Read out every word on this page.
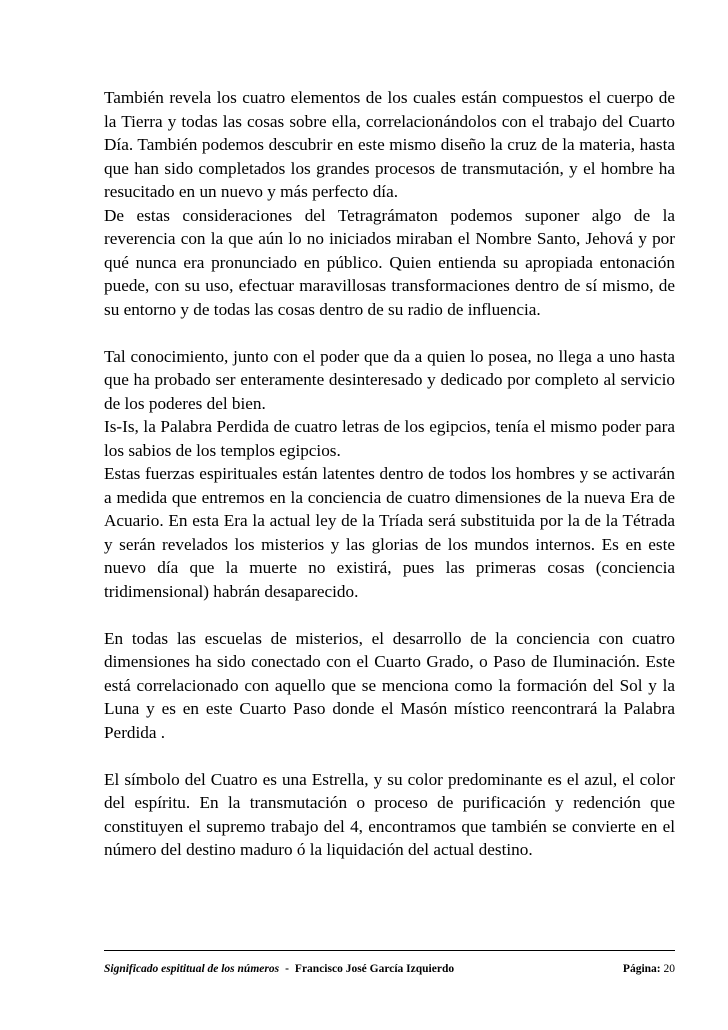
También revela los cuatro elementos de los cuales están compuestos el cuerpo de la Tierra y todas las cosas sobre ella, correlacionándolos con el trabajo del Cuarto Día. También podemos descubrir en este mismo diseño la cruz de la materia, hasta que han sido completados los grandes procesos de transmutación, y el hombre ha resucitado en un nuevo y más perfecto día.

De estas consideraciones del Tetragrámaton podemos suponer algo de la reverencia con la que aún lo no iniciados miraban el Nombre Santo, Jehová y por qué nunca era pronunciado en público. Quien entienda su apropiada entonación puede, con su uso, efectuar maravillosas transformaciones dentro de sí mismo, de su entorno y de todas las cosas dentro de su radio de influencia.

Tal conocimiento, junto con el poder que da a quien lo posea, no llega a uno hasta que ha probado ser enteramente desinteresado y dedicado por completo al servicio de los poderes del bien.

Is-Is, la Palabra Perdida de cuatro letras de los egipcios, tenía el mismo poder para los sabios de los templos egipcios.

Estas fuerzas espirituales están latentes dentro de todos los hombres y se activarán a medida que entremos en la conciencia de cuatro dimensiones de la nueva Era de Acuario. En esta Era la actual ley de la Tríada será substituida por la de la Tétrada y serán revelados los misterios y las glorias de los mundos internos. Es en este nuevo día que la muerte no existirá, pues las primeras cosas (conciencia tridimensional) habrán desaparecido.

En todas las escuelas de misterios, el desarrollo de la conciencia con cuatro dimensiones ha sido conectado con el Cuarto Grado, o Paso de Iluminación. Este está correlacionado con aquello que se menciona como la formación del Sol y la Luna y es en este Cuarto Paso donde el Masón místico reencontrará la Palabra Perdida .

El símbolo del Cuatro es una Estrella, y su color predominante es el azul, el color del espíritu. En la transmutación o proceso de purificación y redención que constituyen el supremo trabajo del 4, encontramos que también se convierte en el número del destino maduro ó la liquidación del actual destino.

Significado espititual de los números - Francisco José García Izquierdo	Página: 20
